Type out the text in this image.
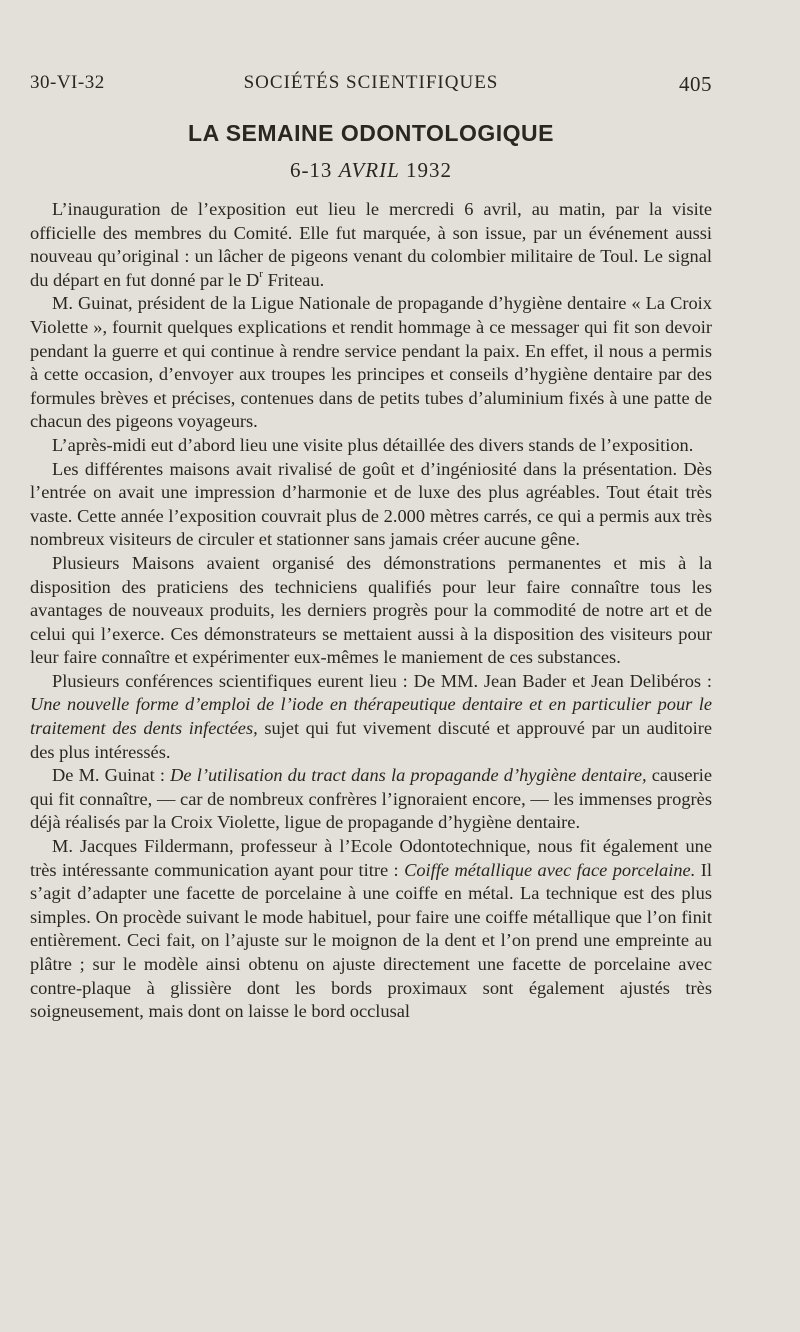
30-VI-32	SOCIÉTÉS SCIENTIFIQUES	405
LA SEMAINE ODONTOLOGIQUE
6-13 AVRIL 1932

L’inauguration de l’exposition eut lieu le mercredi 6 avril, au matin, par la visite officielle des membres du Comité. Elle fut marquée, à son issue, par un événement aussi nouveau qu’original : un lâcher de pigeons venant du colombier militaire de Toul. Le signal du départ en fut donné par le $D^r$ Friteau.

M. Guinat, président de la Ligue Nationale de propagande d’hygiène dentaire « La Croix Violette », fournit quelques explications et rendit hommage à ce messager qui fit son devoir pendant la guerre et qui continue à rendre service pendant la paix. En effet, il nous a permis à cette occasion, d’envoyer aux troupes les principes et conseils d’hygiène dentaire par des formules brèves et précises, contenues dans de petits tubes d’aluminium fixés à une patte de chacun des pigeons voyageurs.

L’après-midi eut d’abord lieu une visite plus détaillée des divers stands de l’exposition.

Les différentes maisons avait rivalisé de goût et d’ingéniosité dans la présentation. Dès l’entrée on avait une impression d’harmonie et de luxe des plus agréables. Tout était très vaste. Cette année l’exposition couvrait plus de 2.000 mètres carrés, ce qui a permis aux très nombreux visiteurs de circuler et stationner sans jamais créer aucune gêne.

Plusieurs Maisons avaient organisé des démonstrations permanentes et mis à la disposition des praticiens des techniciens qualifiés pour leur faire connaître tous les avantages de nouveaux produits, les derniers progrès pour la commodité de notre art et de celui qui l’exerce. Ces démonstrateurs se mettaient aussi à la disposition des visiteurs pour leur faire connaître et expérimenter eux-mêmes le maniement de ces substances.

Plusieurs conférences scientifiques eurent lieu : De MM. Jean Bader et Jean Delibéros : Une nouvelle forme d’emploi de l’iode en thérapeutique dentaire et en particulier pour le traitement des dents infectées, sujet qui fut vivement discuté et approuvé par un auditoire des plus intéressés.

De M. Guinat : De l’utilisation du tract dans la propagande d’hygiène dentaire, causerie qui fit connaître, — car de nombreux confrères l’ignoraient encore, — les immenses progrès déjà réalisés par la Croix Violette, ligue de propagande d’hygiène dentaire.

M. Jacques Fildermann, professeur à l’Ecole Odontotechnique, nous fit également une très intéressante communication ayant pour titre : Coiffe métallique avec face porcelaine. Il s’agit d’adapter une facette de porcelaine à une coiffe en métal. La technique est des plus simples. On procède suivant le mode habituel, pour faire une coiffe métallique que l’on finit entièrement. Ceci fait, on l’ajuste sur le moignon de la dent et l’on prend une empreinte au plâtre ; sur le modèle ainsi obtenu on ajuste directement une facette de porcelaine avec contre-plaque à glissière dont les bords proximaux sont également ajustés très soigneusement, mais dont on laisse le bord occlusal
